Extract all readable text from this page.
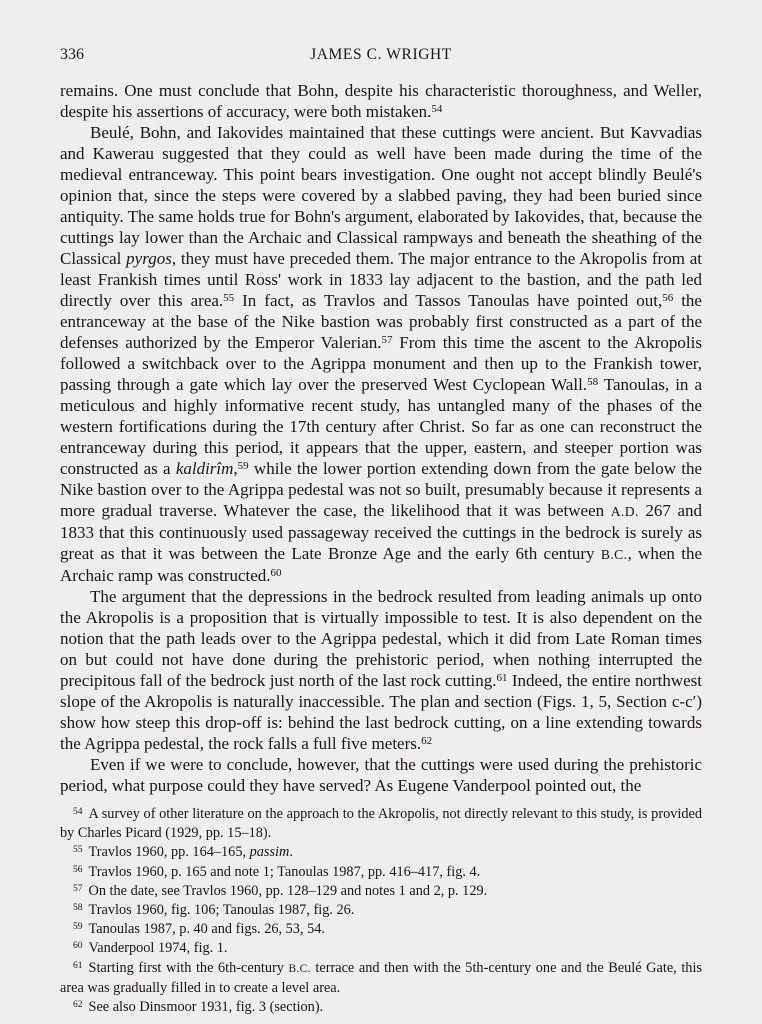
336	JAMES C. WRIGHT

remains. One must conclude that Bohn, despite his characteristic thoroughness, and Weller, despite his assertions of accuracy, were both mistaken.$^{54}$

Beulé, Bohn, and Iakovides maintained that these cuttings were ancient. But Kavvadias and Kawerau suggested that they could as well have been made during the time of the medieval entranceway. This point bears investigation. One ought not accept blindly Beulé's opinion that, since the steps were covered by a slabbed paving, they had been buried since antiquity. The same holds true for Bohn's argument, elaborated by Iakovides, that, because the cuttings lay lower than the Archaic and Classical rampways and beneath the sheathing of the Classical pyrgos, they must have preceded them. The major entrance to the Akropolis from at least Frankish times until Ross' work in 1833 lay adjacent to the bastion, and the path led directly over this area.$^{55}$ In fact, as Travlos and Tassos Tanoulas have pointed out,$^{56}$ the entranceway at the base of the Nike bastion was probably first constructed as a part of the defenses authorized by the Emperor Valerian.$^{57}$ From this time the ascent to the Akropolis followed a switchback over to the Agrippa monument and then up to the Frankish tower, passing through a gate which lay over the preserved West Cyclopean Wall.$^{58}$ Tanoulas, in a meticulous and highly informative recent study, has untangled many of the phases of the western fortifications during the 17th century after Christ. So far as one can reconstruct the entranceway during this period, it appears that the upper, eastern, and steeper portion was constructed as a kaldirîm,$^{59}$ while the lower portion extending down from the gate below the Nike bastion over to the Agrippa pedestal was not so built, presumably because it represents a more gradual traverse. Whatever the case, the likelihood that it was between A.D. 267 and 1833 that this continuously used passageway received the cuttings in the bedrock is surely as great as that it was between the Late Bronze Age and the early 6th century B.C., when the Archaic ramp was constructed.$^{60}$

The argument that the depressions in the bedrock resulted from leading animals up onto the Akropolis is a proposition that is virtually impossible to test. It is also dependent on the notion that the path leads over to the Agrippa pedestal, which it did from Late Roman times on but could not have done during the prehistoric period, when nothing interrupted the precipitous fall of the bedrock just north of the last rock cutting.$^{61}$ Indeed, the entire northwest slope of the Akropolis is naturally inaccessible. The plan and section (Figs. 1, 5, Section c-c′) show how steep this drop-off is: behind the last bedrock cutting, on a line extending towards the Agrippa pedestal, the rock falls a full five meters.$^{62}$

Even if we were to conclude, however, that the cuttings were used during the prehistoric period, what purpose could they have served? As Eugene Vanderpool pointed out, the

$^{54}$ A survey of other literature on the approach to the Akropolis, not directly relevant to this study, is provided by Charles Picard (1929, pp. 15–18).

$^{55}$ Travlos 1960, pp. 164–165, passim.

$^{56}$ Travlos 1960, p. 165 and note 1; Tanoulas 1987, pp. 416–417, fig. 4.

$^{57}$ On the date, see Travlos 1960, pp. 128–129 and notes 1 and 2, p. 129.

$^{58}$ Travlos 1960, fig. 106; Tanoulas 1987, fig. 26.

$^{59}$ Tanoulas 1987, p. 40 and figs. 26, 53, 54.

$^{60}$ Vanderpool 1974, fig. 1.

$^{61}$ Starting first with the 6th-century B.C. terrace and then with the 5th-century one and the Beulé Gate, this area was gradually filled in to create a level area.

$^{62}$ See also Dinsmoor 1931, fig. 3 (section).
